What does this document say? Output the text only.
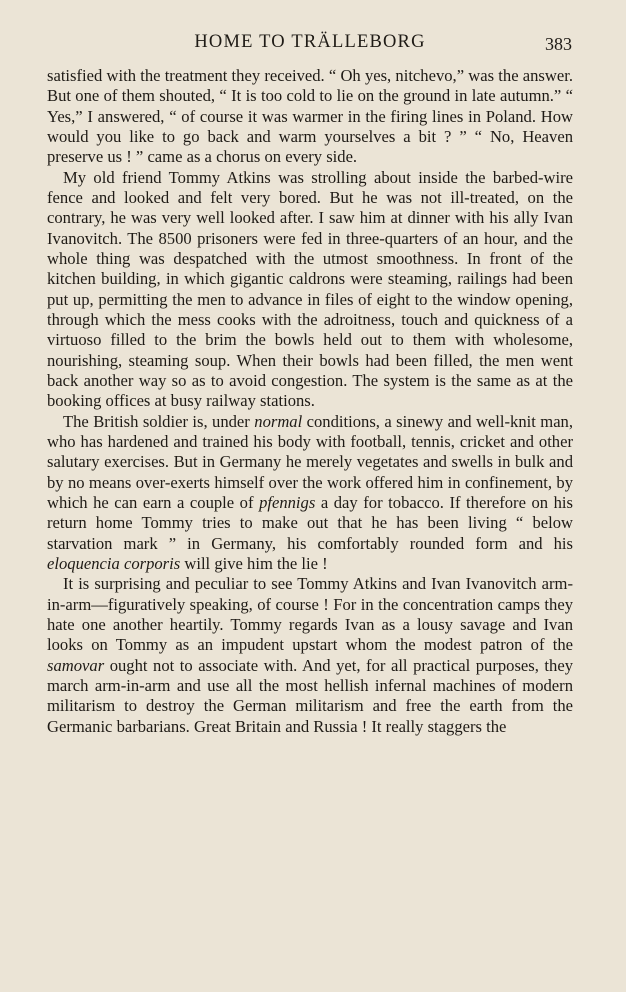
HOME TO TRÄLLEBORG	383

satisfied with the treatment they received. “ Oh yes, nitchevo,” was the answer. But one of them shouted, “ It is too cold to lie on the ground in late autumn.” “ Yes,” I answered, “ of course it was warmer in the firing lines in Poland. How would you like to go back and warm yourselves a bit ? ” “ No, Heaven preserve us ! ” came as a chorus on every side.

My old friend Tommy Atkins was strolling about inside the barbed-wire fence and looked and felt very bored. But he was not ill-treated, on the contrary, he was very well looked after. I saw him at dinner with his ally Ivan Ivanovitch. The 8500 prisoners were fed in three-quarters of an hour, and the whole thing was despatched with the utmost smoothness. In front of the kitchen building, in which gigantic caldrons were steaming, railings had been put up, permitting the men to advance in files of eight to the window opening, through which the mess cooks with the adroitness, touch and quickness of a virtuoso filled to the brim the bowls held out to them with wholesome, nourishing, steaming soup. When their bowls had been filled, the men went back another way so as to avoid congestion. The system is the same as at the booking offices at busy railway stations.

The British soldier is, under normal conditions, a sinewy and well-knit man, who has hardened and trained his body with football, tennis, cricket and other salutary exercises. But in Germany he merely vegetates and swells in bulk and by no means over-exerts himself over the work offered him in confinement, by which he can earn a couple of pfennigs a day for tobacco. If therefore on his return home Tommy tries to make out that he has been living “ below starvation mark ” in Germany, his comfortably rounded form and his eloquencia corporis will give him the lie !

It is surprising and peculiar to see Tommy Atkins and Ivan Ivanovitch arm-in-arm—figuratively speaking, of course ! For in the concentration camps they hate one another heartily. Tommy regards Ivan as a lousy savage and Ivan looks on Tommy as an impudent upstart whom the modest patron of the samovar ought not to associate with. And yet, for all practical purposes, they march arm-in-arm and use all the most hellish infernal machines of modern militarism to destroy the German militarism and free the earth from the Germanic barbarians. Great Britain and Russia ! It really staggers the
